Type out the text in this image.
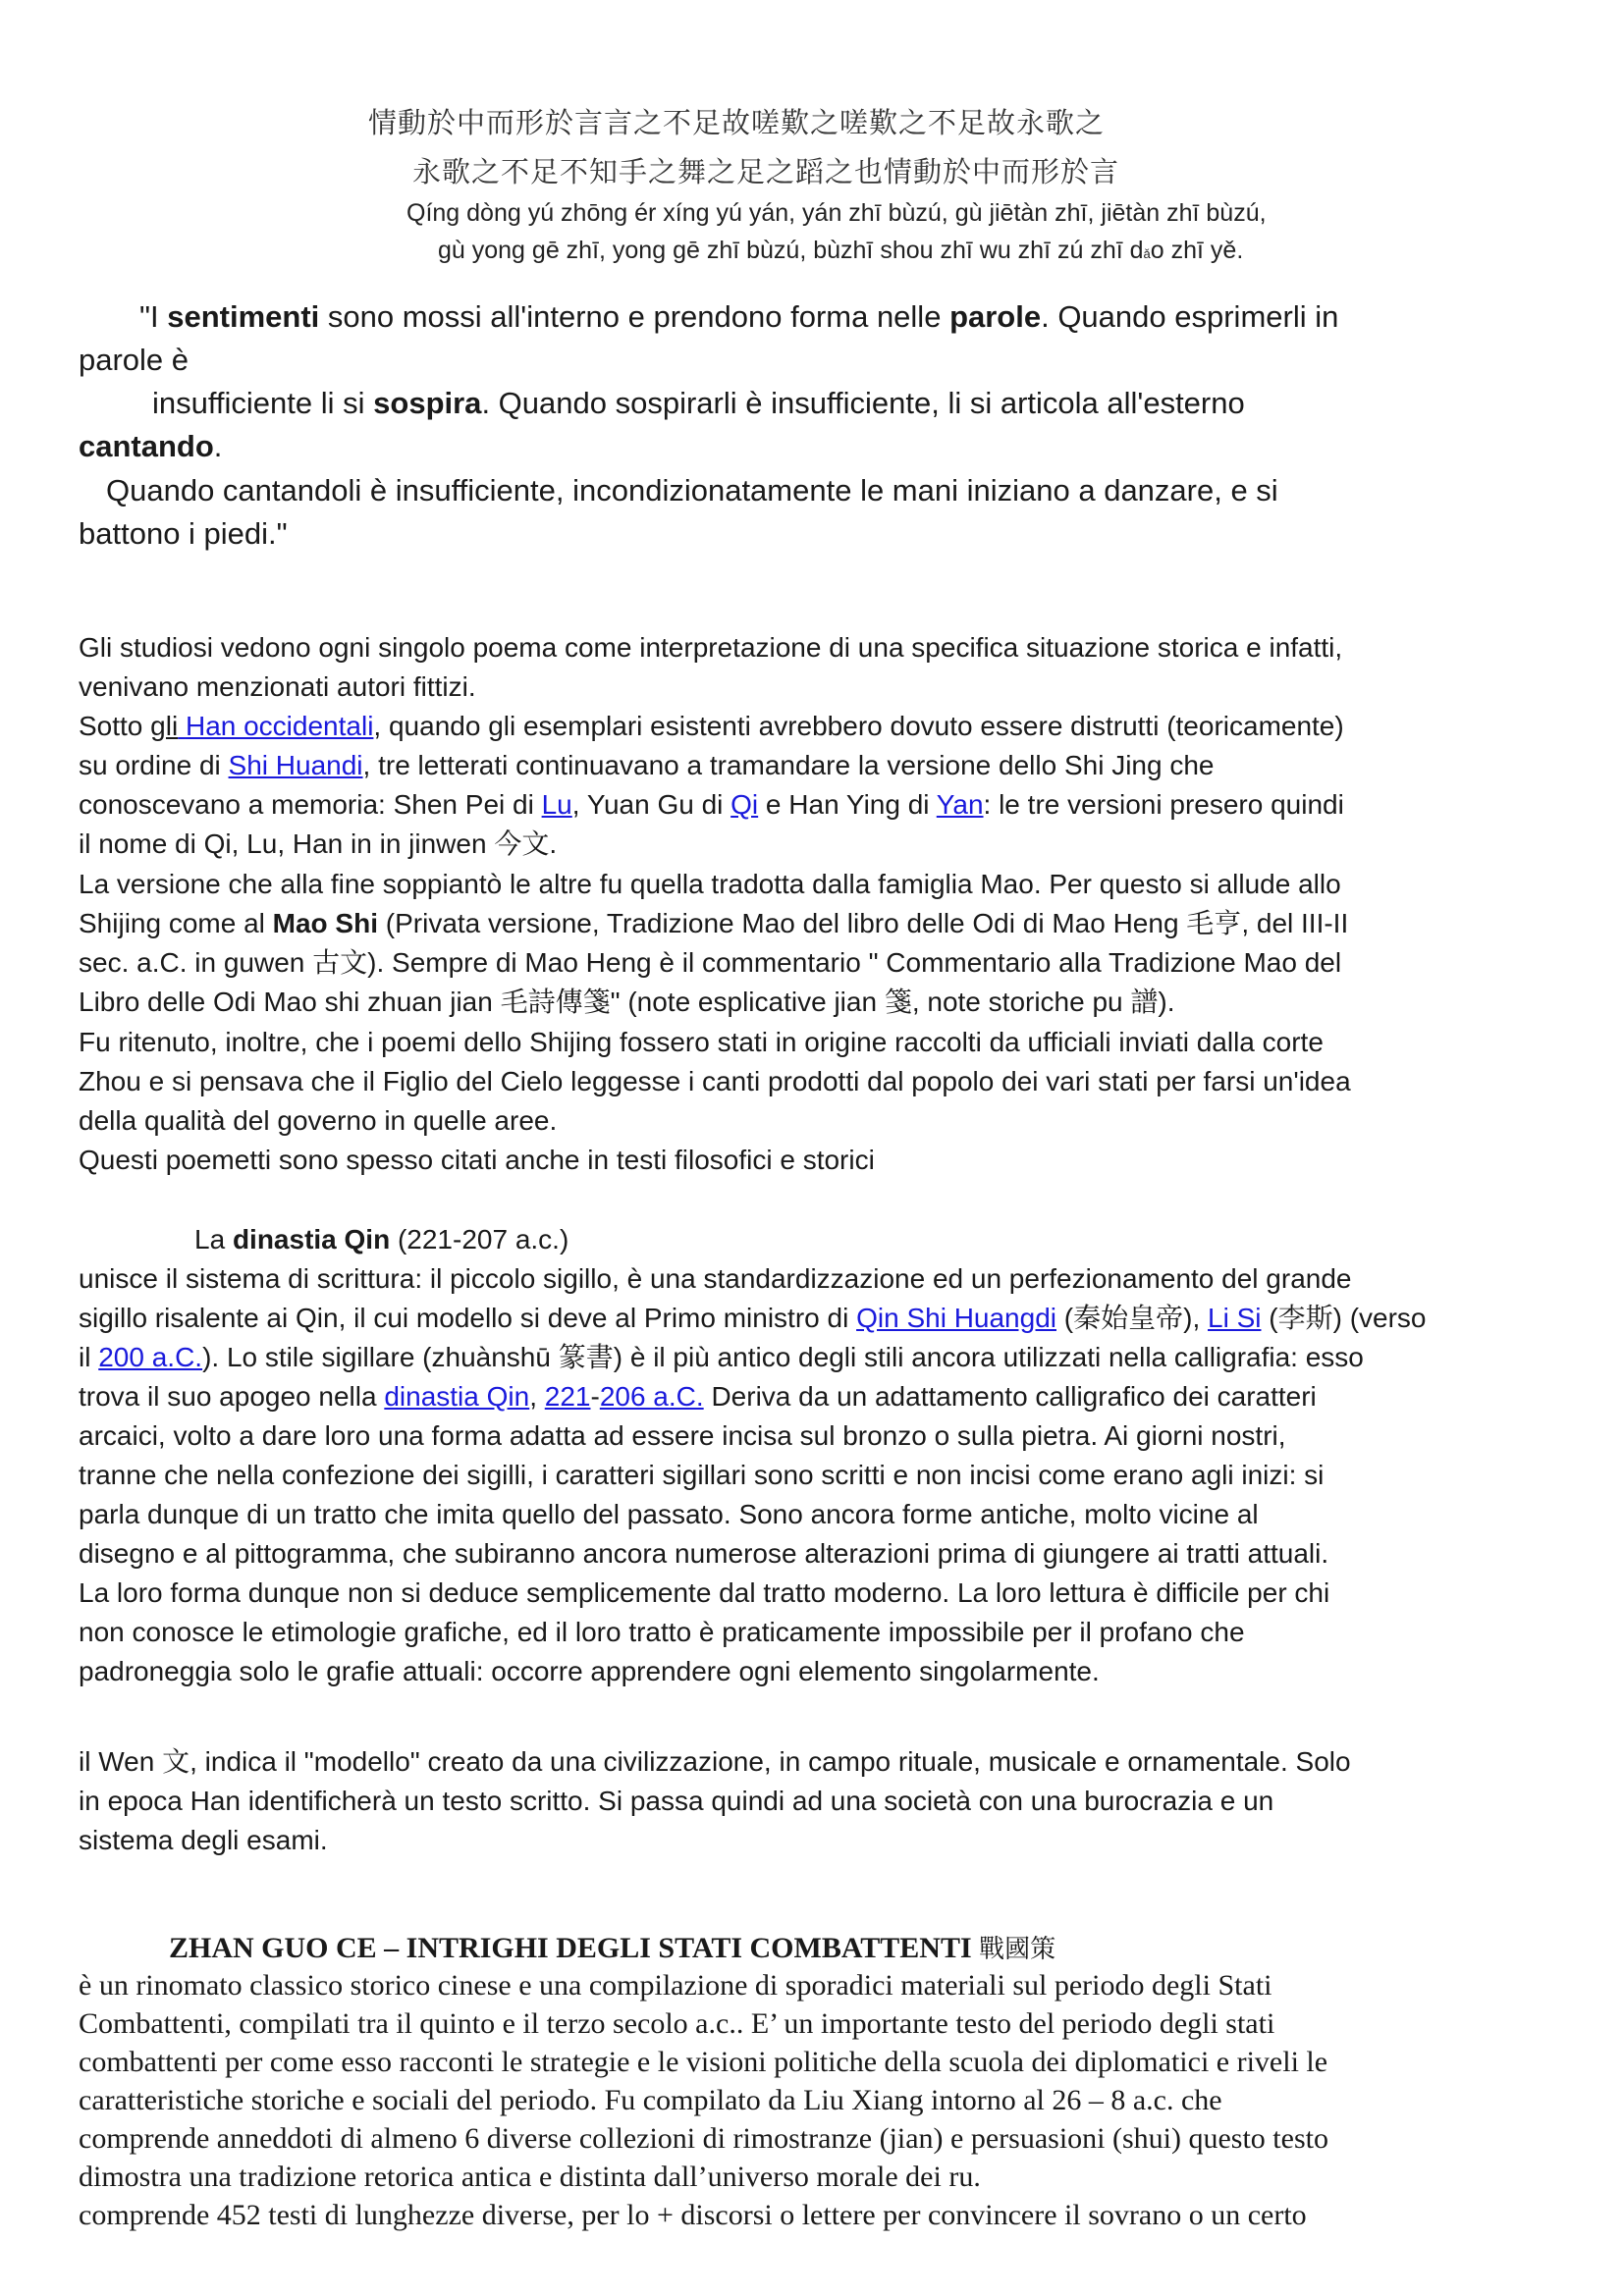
情動於中而形於言言之不足故嗟歎之嗟歎之不足故永歌之
永歌之不足不知手之舞之足之蹈之也情動於中而形於言
Qíng dòng yú zhōng ér xíng yú yán, yán zhī bùzú, gù jiētàn zhī, jiētàn zhī bùzú,
gù yong gē zhī, yong gē zhī bùzú, bùzhī shou zhī wu zhī zú zhī dǎo zhī yě.
"I sentimenti sono mossi all'interno e prendono forma nelle parole. Quando esprimerli in
parole è
insufficiente li si sospira. Quando sospirarli è insufficiente, li si articola all'esterno
cantando.
Quando cantandoli è insufficiente, incondizionatamente le mani iniziano a danzare, e si
battono i piedi."
Gli studiosi vedono ogni singolo poema come interpretazione di una specifica situazione storica e infatti,
venivano menzionati autori fittizi.
Sotto gli Han occidentali, quando gli esemplari esistenti avrebbero dovuto essere distrutti (teoricamente)
su ordine di Shi Huandi, tre letterati continuavano a tramandare la versione dello Shi Jing che
conoscevano a memoria: Shen Pei di Lu, Yuan Gu di Qi e Han Ying di Yan: le tre versioni presero quindi
il nome di Qi, Lu, Han in in jinwen 今文.
La versione che alla fine soppiantò le altre fu quella tradotta dalla famiglia Mao. Per questo si allude allo
Shijing come al Mao Shi (Privata versione, Tradizione Mao del libro delle Odi di Mao Heng 毛亨, del III-II
sec. a.C. in guwen 古文). Sempre di Mao Heng è il commentario " Commentario alla Tradizione Mao del
Libro delle Odi Mao shi zhuan jian 毛詩傳箋" (note esplicative jian 箋, note storiche pu 譜).
Fu ritenuto, inoltre, che i poemi dello Shijing fossero stati in origine raccolti da ufficiali inviati dalla corte
Zhou e si pensava che il Figlio del Cielo leggesse i canti prodotti dal popolo dei vari stati per farsi un'idea
della qualità del governo in quelle aree.
Questi poemetti sono spesso citati anche in testi filosofici e storici
La dinastia Qin (221-207 a.c.)
unisce il sistema di scrittura: il piccolo sigillo, è una standardizzazione ed un perfezionamento del grande
sigillo risalente ai Qin, il cui modello si deve al Primo ministro di Qin Shi Huangdi (秦始皇帝), Li Si (李斯) (verso
il 200 a.C.). Lo stile sigillare (zhuànshū 篆書) è il più antico degli stili ancora utilizzati nella calligrafia: esso
trova il suo apogeo nella dinastia Qin, 221-206 a.C. Deriva da un adattamento calligrafico dei caratteri
arcaici, volto a dare loro una forma adatta ad essere incisa sul bronzo o sulla pietra. Ai giorni nostri,
tranne che nella confezione dei sigilli, i caratteri sigillari sono scritti e non incisi come erano agli inizi: si
parla dunque di un tratto che imita quello del passato. Sono ancora forme antiche, molto vicine al
disegno e al pittogramma, che subiranno ancora numerose alterazioni prima di giungere ai tratti attuali.
La loro forma dunque non si deduce semplicemente dal tratto moderno. La loro lettura è difficile per chi
non conosce le etimologie grafiche, ed il loro tratto è praticamente impossibile per il profano che
padroneggia solo le grafie attuali: occorre apprendere ogni elemento singolarmente.
il Wen 文, indica il "modello" creato da una civilizzazione, in campo rituale, musicale e ornamentale. Solo
in epoca Han identificherà un testo scritto. Si passa quindi ad una società con una burocrazia e un
sistema degli esami.
ZHAN GUO CE – INTRIGHI DEGLI STATI COMBATTENTI 戰國策
è un rinomato classico storico cinese e una compilazione di sporadici materiali sul periodo degli Stati
Combattenti, compilati tra il quinto e il terzo secolo a.c.. E’ un importante testo del periodo degli stati
combattenti per come esso racconti le strategie e le visioni politiche della scuola dei diplomatici e riveli le
caratteristiche storiche e sociali del periodo. Fu compilato da Liu Xiang intorno al 26 – 8 a.c. che
comprende anneddoti di almeno 6 diverse collezioni di rimostranze (jian) e persuasioni (shui) questo testo
dimostra una tradizione retorica antica e distinta dall’universo morale dei ru.
comprende 452 testi di lunghezze diverse, per lo + discorsi o lettere per convincere il sovrano o un certo
